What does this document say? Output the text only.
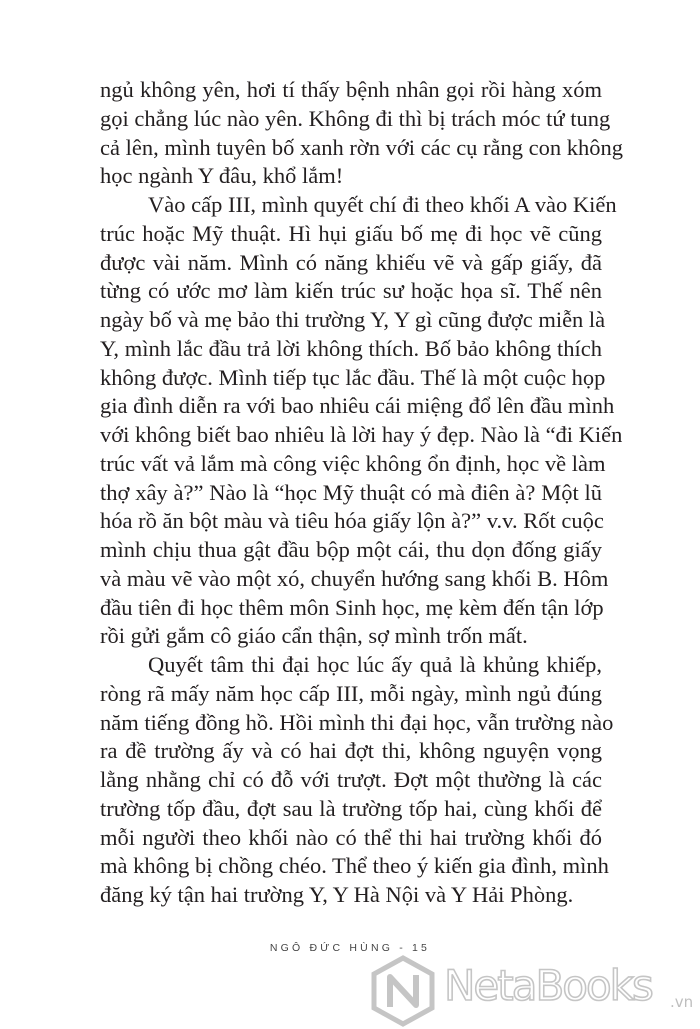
ngủ không yên, hơi tí thấy bệnh nhân gọi rồi hàng xóm
gọi chẳng lúc nào yên. Không đi thì bị trách móc tứ tung
cả lên, mình tuyên bố xanh rờn với các cụ rằng con không
học ngành Y đâu, khổ lắm!
Vào cấp III, mình quyết chí đi theo khối A vào Kiến
trúc hoặc Mỹ thuật. Hì hụi giấu bố mẹ đi học vẽ cũng
được vài năm. Mình có năng khiếu vẽ và gấp giấy, đã
từng có ước mơ làm kiến trúc sư hoặc họa sĩ. Thế nên
ngày bố và mẹ bảo thi trường Y, Y gì cũng được miễn là
Y, mình lắc đầu trả lời không thích. Bố bảo không thích
không được. Mình tiếp tục lắc đầu. Thế là một cuộc họp
gia đình diễn ra với bao nhiêu cái miệng đổ lên đầu mình
với không biết bao nhiêu là lời hay ý đẹp. Nào là “đi Kiến
trúc vất vả lắm mà công việc không ổn định, học về làm
thợ xây à?” Nào là “học Mỹ thuật có mà điên à? Một lũ
hóa rồ ăn bột màu và tiêu hóa giấy lộn à?” v.v. Rốt cuộc
mình chịu thua gật đầu bộp một cái, thu dọn đống giấy
và màu vẽ vào một xó, chuyển hướng sang khối B. Hôm
đầu tiên đi học thêm môn Sinh học, mẹ kèm đến tận lớp
rồi gửi gắm cô giáo cẩn thận, sợ mình trốn mất.
Quyết tâm thi đại học lúc ấy quả là khủng khiếp,
ròng rã mấy năm học cấp III, mỗi ngày, mình ngủ đúng
năm tiếng đồng hồ. Hồi mình thi đại học, vẫn trường nào
ra đề trường ấy và có hai đợt thi, không nguyện vọng
lằng nhằng chỉ có đỗ với trượt. Đợt một thường là các
trường tốp đầu, đợt sau là trường tốp hai, cùng khối để
mỗi người theo khối nào có thể thi hai trường khối đó
mà không bị chồng chéo. Thể theo ý kiến gia đình, mình
đăng ký tận hai trường Y, Y Hà Nội và Y Hải Phòng.
NGÔ ĐỨC HÙNG - 15
NetaBooks .vn
